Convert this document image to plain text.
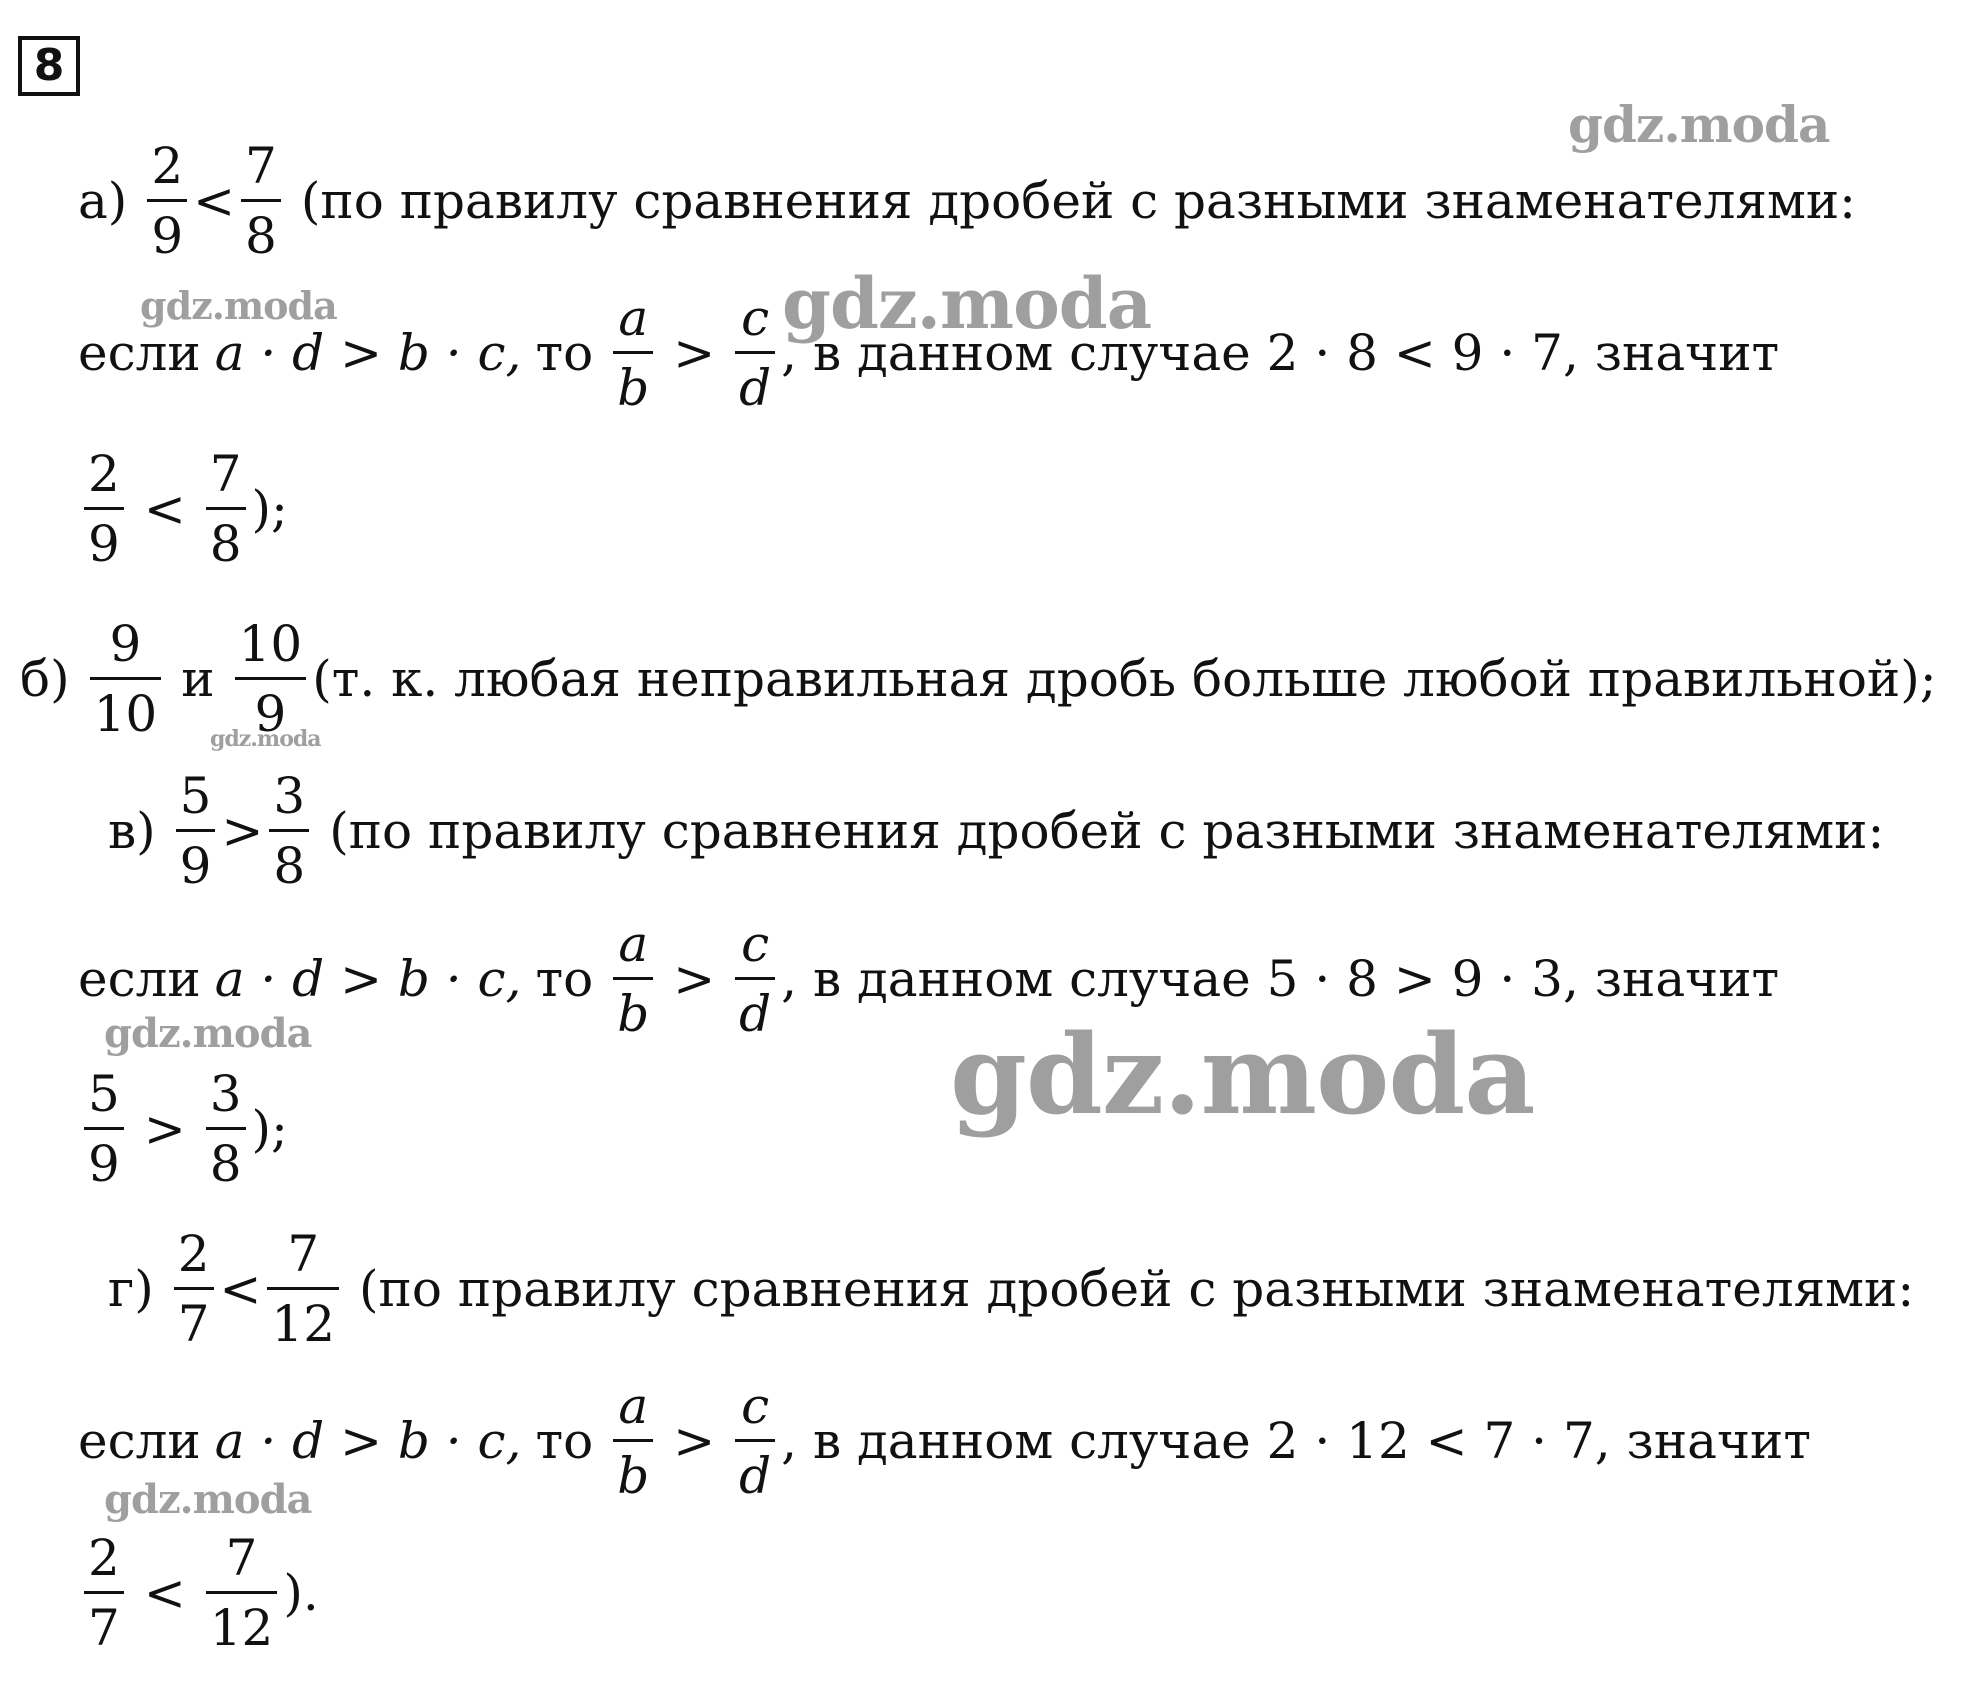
8
$а) \frac{2}{9} < \frac{7}{8} (по$ правилу сравнения дробей с разными знаменателями:
если a · d > b · c, то $\frac{a}{b} > \frac{c}{d}$ , в данном случае 2 · 8 < 9 · 7, значит
$\frac{2}{9} < \frac{7}{8}$ );
$б) \frac{9}{10}$ и $\frac{10}{9} (т$. к. любая неправильная дробь больше любой правильной);
$в) \frac{5}{9} > \frac{3}{8} (по$ правилу сравнения дробей с разными знаменателями:
если a · d > b · c, то $\frac{a}{b} > \frac{c}{d}$ , в данном случае 5 · 8 > 9 · 3, значит
$\frac{5}{9} > \frac{3}{8}$ );
$г) \frac{2}{7} < \frac{7}{12} (по$ правилу сравнения дробей с разными знаменателями:
если a · d > b · c, то $\frac{a}{b} > \frac{c}{d}$ , в данном случае 2 · 12 < 7 · 7, значит
$\frac{2}{7} < \frac{7}{12}$ ).
gdz.moda
gdz.moda	gdz.moda
gdz.moda
gdz.moda	gdz.moda
gdz.moda
